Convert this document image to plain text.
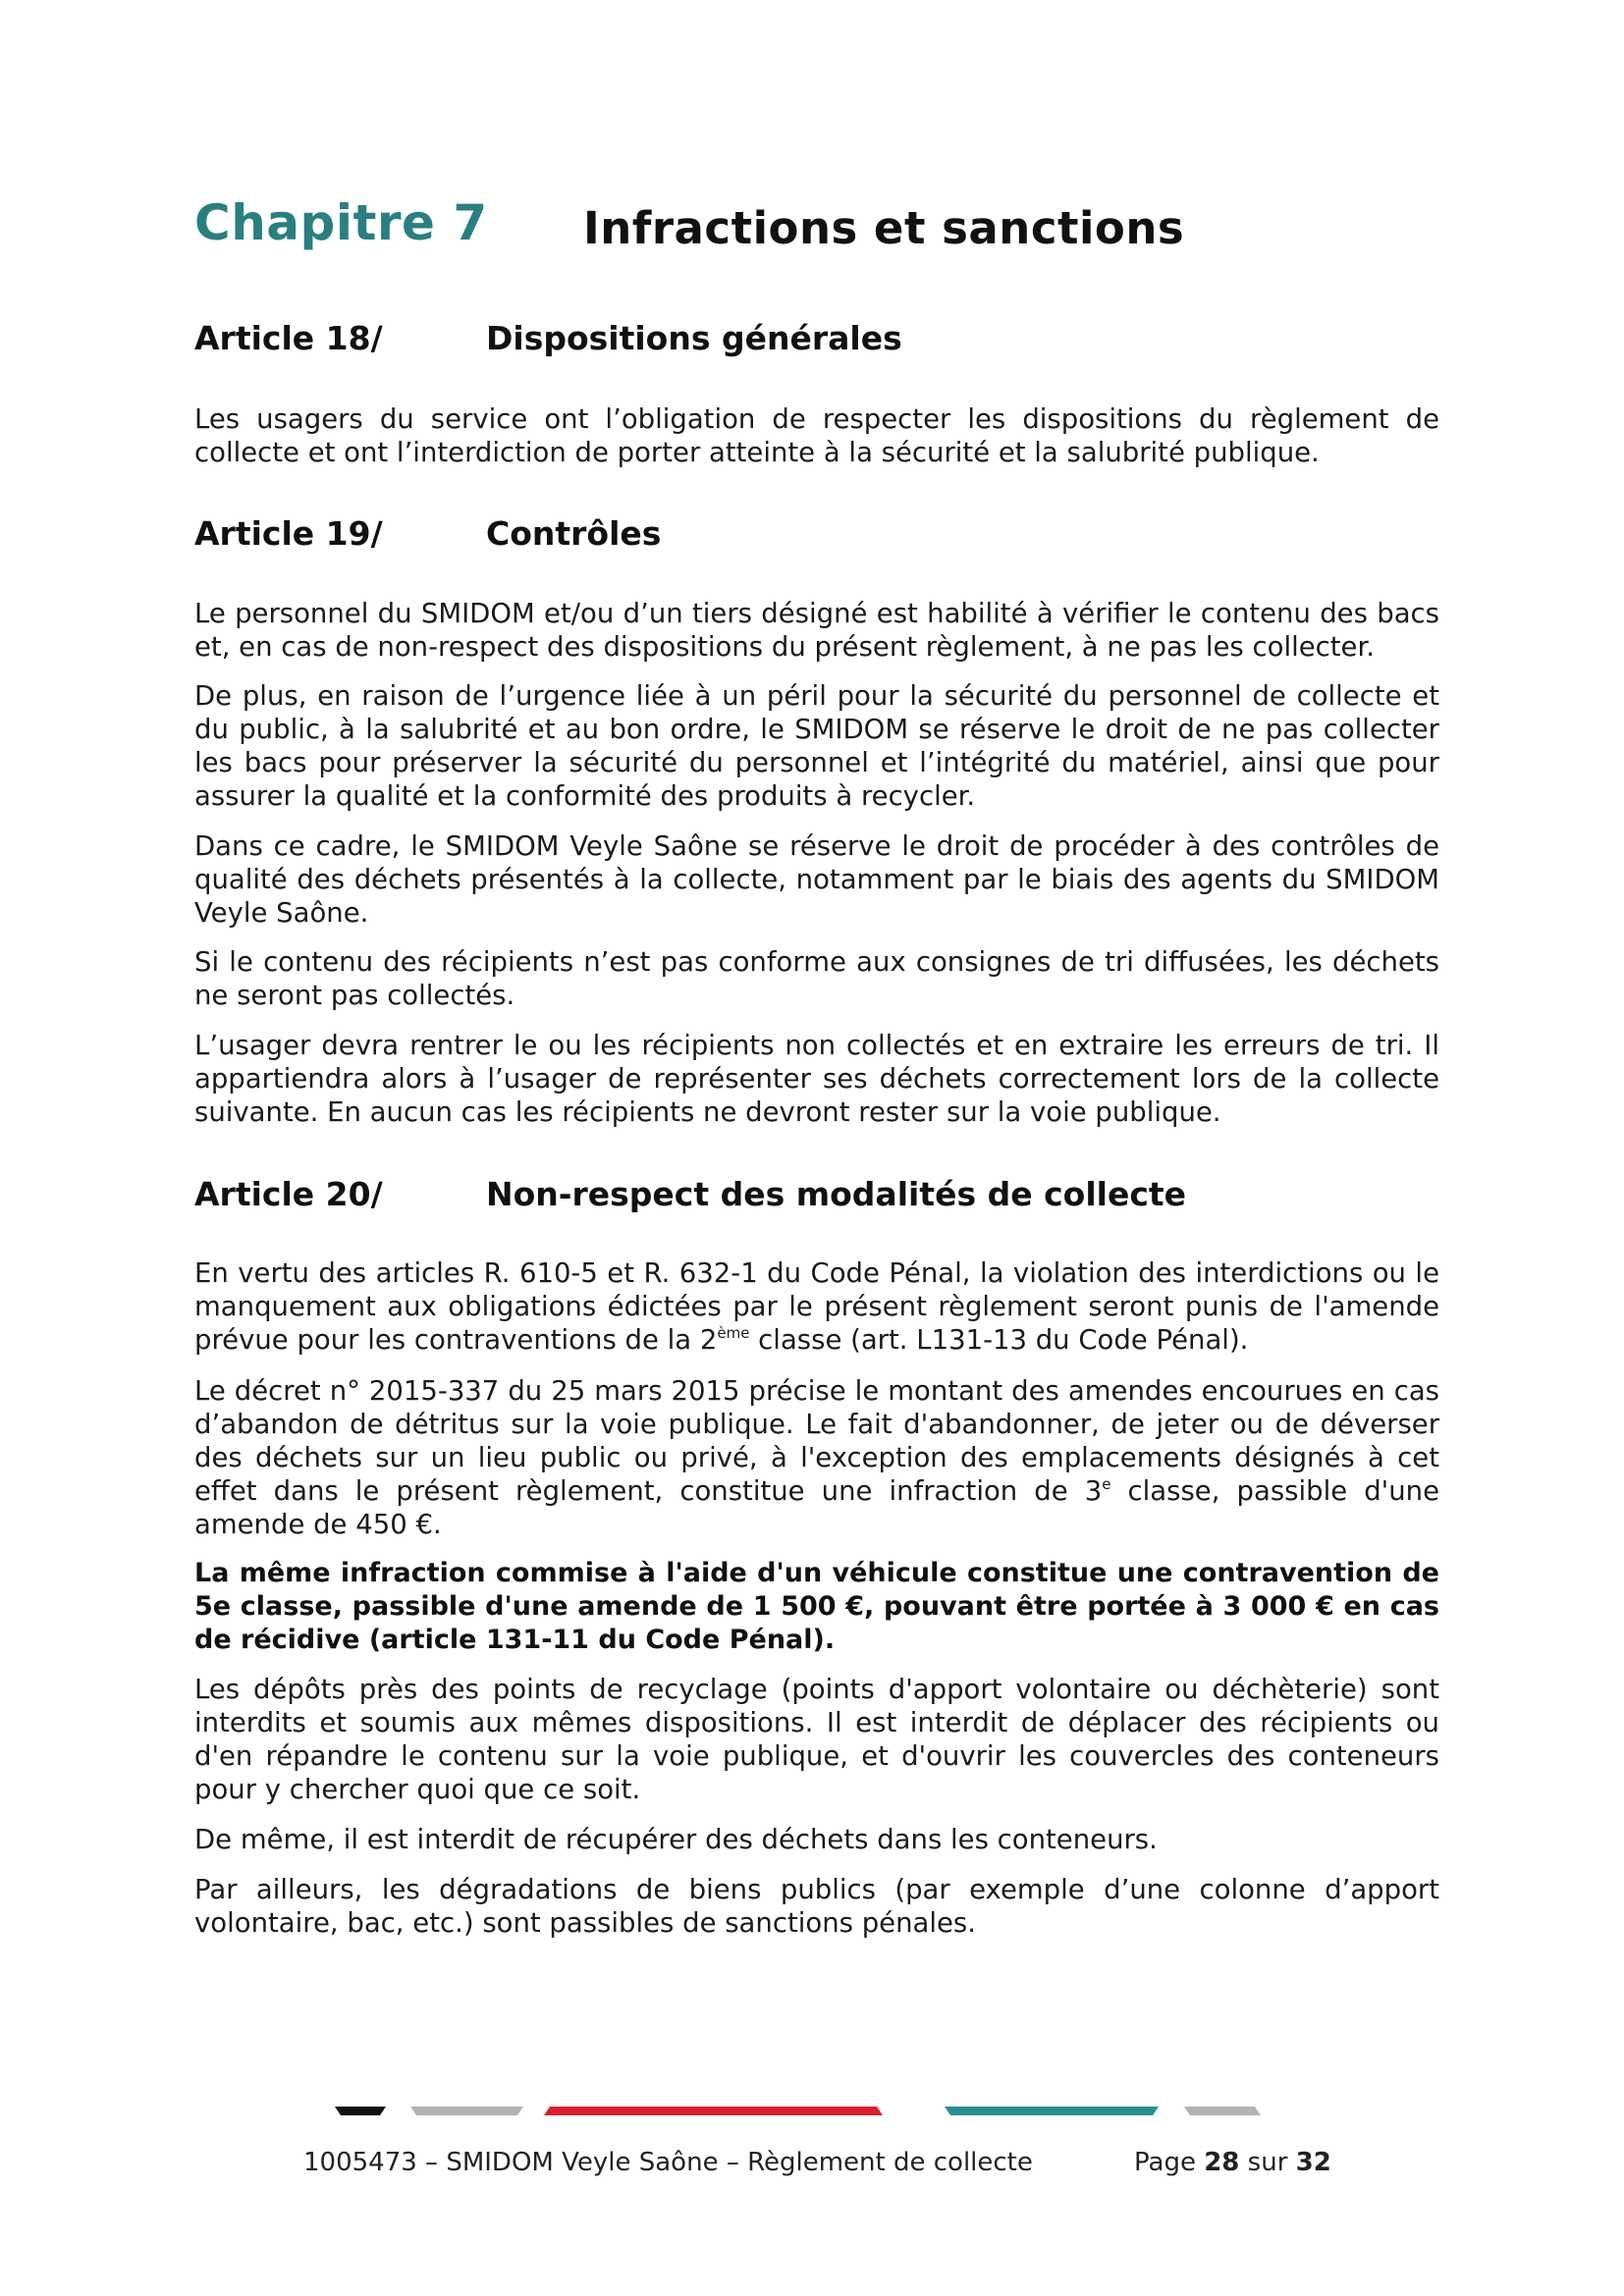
Chapitre 7 Infractions et sanctions
Article 18/	Dispositions générales

Les usagers du service ont l’obligation de respecter les dispositions du règlement de collecte et ont l’interdiction de porter atteinte à la sécurité et la salubrité publique.

Article 19/	Contrôles

Le personnel du SMIDOM et/ou d’un tiers désigné est habilité à vérifier le contenu des bacs et, en cas de non-respect des dispositions du présent règlement, à ne pas les collecter.

De plus, en raison de l’urgence liée à un péril pour la sécurité du personnel de collecte et du public, à la salubrité et au bon ordre, le SMIDOM se réserve le droit de ne pas collecter les bacs pour préserver la sécurité du personnel et l’intégrité du matériel, ainsi que pour assurer la qualité et la conformité des produits à recycler.

Dans ce cadre, le SMIDOM Veyle Saône se réserve le droit de procéder à des contrôles de qualité des déchets présentés à la collecte, notamment par le biais des agents du SMIDOM Veyle Saône.

Si le contenu des récipients n’est pas conforme aux consignes de tri diffusées, les déchets ne seront pas collectés.

L’usager devra rentrer le ou les récipients non collectés et en extraire les erreurs de tri. Il appartiendra alors à l’usager de représenter ses déchets correctement lors de la collecte suivante. En aucun cas les récipients ne devront rester sur la voie publique.

Article 20/	Non-respect des modalités de collecte

En vertu des articles R. 610-5 et R. 632-1 du Code Pénal, la violation des interdictions ou le manquement aux obligations édictées par le présent règlement seront punis de l'amende prévue pour les contraventions de la 2ème classe (art. L131-13 du Code Pénal).

Le décret n° 2015-337 du 25 mars 2015 précise le montant des amendes encourues en cas d’abandon de détritus sur la voie publique. Le fait d'abandonner, de jeter ou de déverser des déchets sur un lieu public ou privé, à l'exception des emplacements désignés à cet effet dans le présent règlement, constitue une infraction de 3e classe, passible d'une amende de 450 €.

La même infraction commise à l'aide d'un véhicule constitue une contravention de 5e classe, passible d'une amende de 1 500 €, pouvant être portée à 3 000 € en cas de récidive (article 131-11 du Code Pénal).

Les dépôts près des points de recyclage (points d'apport volontaire ou déchèterie) sont interdits et soumis aux mêmes dispositions. Il est interdit de déplacer des récipients ou d'en répandre le contenu sur la voie publique, et d'ouvrir les couvercles des conteneurs pour y chercher quoi que ce soit.

De même, il est interdit de récupérer des déchets dans les conteneurs.

Par ailleurs, les dégradations de biens publics (par exemple d’une colonne d’apport volontaire, bac, etc.) sont passibles de sanctions pénales.

1005473 – SMIDOM Veyle Saône – Règlement de collecte	Page 28 sur 32
